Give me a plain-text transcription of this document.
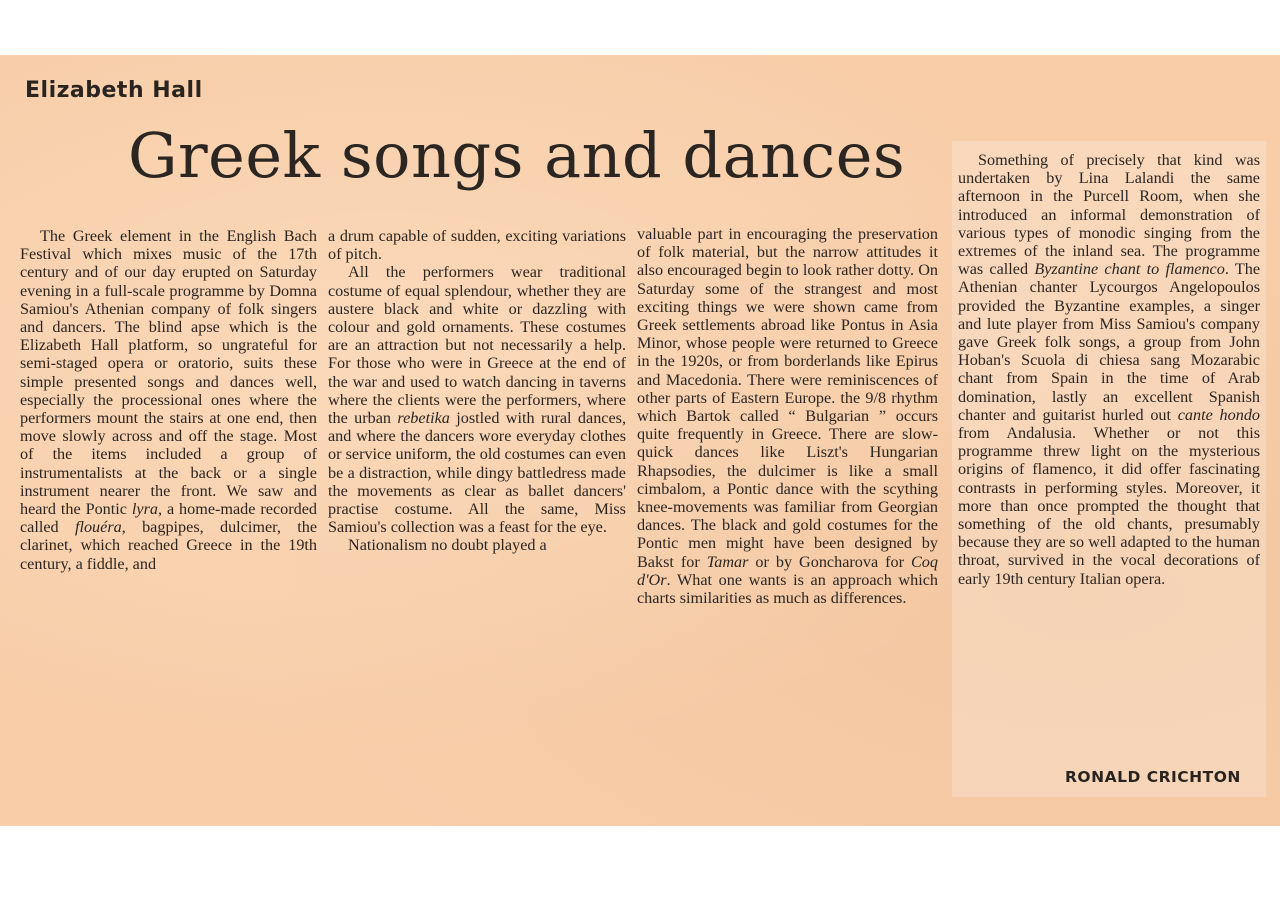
Elizabeth Hall
Greek songs and dances

The Greek element in the English Bach Festival which mixes music of the 17th century and of our day erupted on Saturday evening in a full-scale programme by Domna Samiou's Athenian company of folk singers and dancers. The blind apse which is the Elizabeth Hall platform, so ungrateful for semi-staged opera or oratorio, suits these simple presented songs and dances well, especially the processional ones where the performers mount the stairs at one end, then move slowly across and off the stage. Most of the items included a group of instrumentalists at the back or a single instrument nearer the front. We saw and heard the Pontic lyra, a home-made recorded called flouéra, bagpipes, dulcimer, the clarinet, which reached Greece in the 19th century, a fiddle, and

a drum capable of sudden, exciting variations of pitch.

All the performers wear traditional costume of equal splendour, whether they are austere black and white or dazzling with colour and gold ornaments. These costumes are an attraction but not necessarily a help. For those who were in Greece at the end of the war and used to watch dancing in taverns where the clients were the performers, where the urban rebetika jostled with rural dances, and where the dancers wore everyday clothes or service uniform, the old costumes can even be a distraction, while dingy battledress made the movements as clear as ballet dancers' practise costume. All the same, Miss Samiou's collection was a feast for the eye.

Nationalism no doubt played a

valuable part in encouraging the preservation of folk material, but the narrow attitudes it also encouraged begin to look rather dotty. On Saturday some of the strangest and most exciting things we were shown came from Greek settlements abroad like Pontus in Asia Minor, whose people were returned to Greece in the 1920s, or from borderlands like Epirus and Macedonia. There were reminiscences of other parts of Eastern Europe. the 9/8 rhythm which Bartok called “ Bulgarian ” occurs quite frequently in Greece. There are slow-quick dances like Liszt's Hungarian Rhapsodies, the dulcimer is like a small cimbalom, a Pontic dance with the scything knee-movements was familiar from Georgian dances. The black and gold costumes for the Pontic men might have been designed by Bakst for Tamar or by Goncharova for Coq d'Or. What one wants is an approach which charts similarities as much as differences.

Something of precisely that kind was undertaken by Lina Lalandi the same afternoon in the Purcell Room, when she introduced an informal demonstration of various types of monodic singing from the extremes of the inland sea. The programme was called Byzantine chant to flamenco. The Athenian chanter Lycourgos Angelopoulos provided the Byzantine examples, a singer and lute player from Miss Samiou's company gave Greek folk songs, a group from John Hoban's Scuola di chiesa sang Mozarabic chant from Spain in the time of Arab domination, lastly an excellent Spanish chanter and guitarist hurled out cante hondo from Andalusia. Whether or not this programme threw light on the mysterious origins of flamenco, it did offer fascinating contrasts in performing styles. Moreover, it more than once prompted the thought that something of the old chants, presumably because they are so well adapted to the human throat, survived in the vocal decorations of early 19th century Italian opera.

RONALD CRICHTON
